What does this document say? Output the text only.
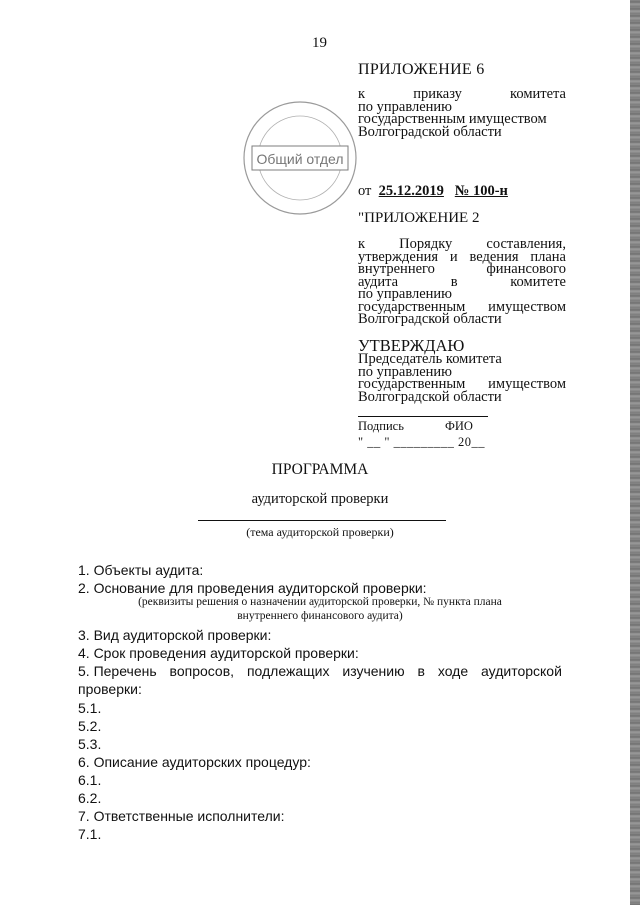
19
ПРИЛОЖЕНИЕ 6
к	приказу	комитета
по управлению
государственным имуществом
Волгоградской области
Общий отдел
от 25.12.2019 № 100-н
"ПРИЛОЖЕНИЕ 2
к Порядку составления,
утверждения и ведения плана
внутреннего	финансового
аудита	в	комитете
по управлению
государственным имуществом
Волгоградской области
УТВЕРЖДАЮ
Председатель комитета
по управлению
государственным имуществом
Волгоградской области
Подпись	ФИО
" __ " _________ 20__
ПРОГРАММА
аудиторской проверки
(тема аудиторской проверки)
1. Объекты аудита:
2. Основание для проведения аудиторской проверки:
(реквизиты решения о назначении аудиторской проверки, № пункта плана
внутреннего финансового аудита)
3. Вид аудиторской проверки:
4. Срок проведения аудиторской проверки:
5. Перечень вопросов, подлежащих изучению в ходе аудиторской
проверки:
5.1.
5.2.
5.3.
6. Описание аудиторских процедур:
6.1.
6.2.
7. Ответственные исполнители:
7.1.
